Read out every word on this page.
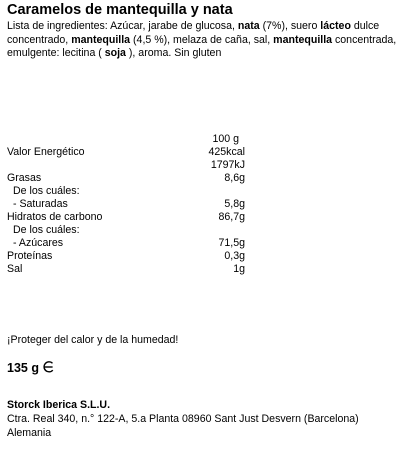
Caramelos de mantequilla y nata
Lista de ingredientes: Azúcar, jarabe de glucosa, nata (7%), suero lácteo dulce concentrado, mantequilla (4,5 %), melaza de caña, sal, mantequilla concentrada, emulgente: lecitina ( soja ), aroma. Sin gluten
100 g
Valor Energético	425kcal
1797kJ
Grasas	8,6g
De los cuáles:
- Saturadas	5,8g
Hidratos de carbono	86,7g
De los cuáles:
- Azúcares	71,5g
Proteínas	0,3g
Sal	1g
¡Proteger del calor y de la humedad!
135 g
Storck Iberica S.L.U.
Ctra. Real 340, n.° 122-A, 5.a Planta 08960 Sant Just Desvern (Barcelona)
Alemania
